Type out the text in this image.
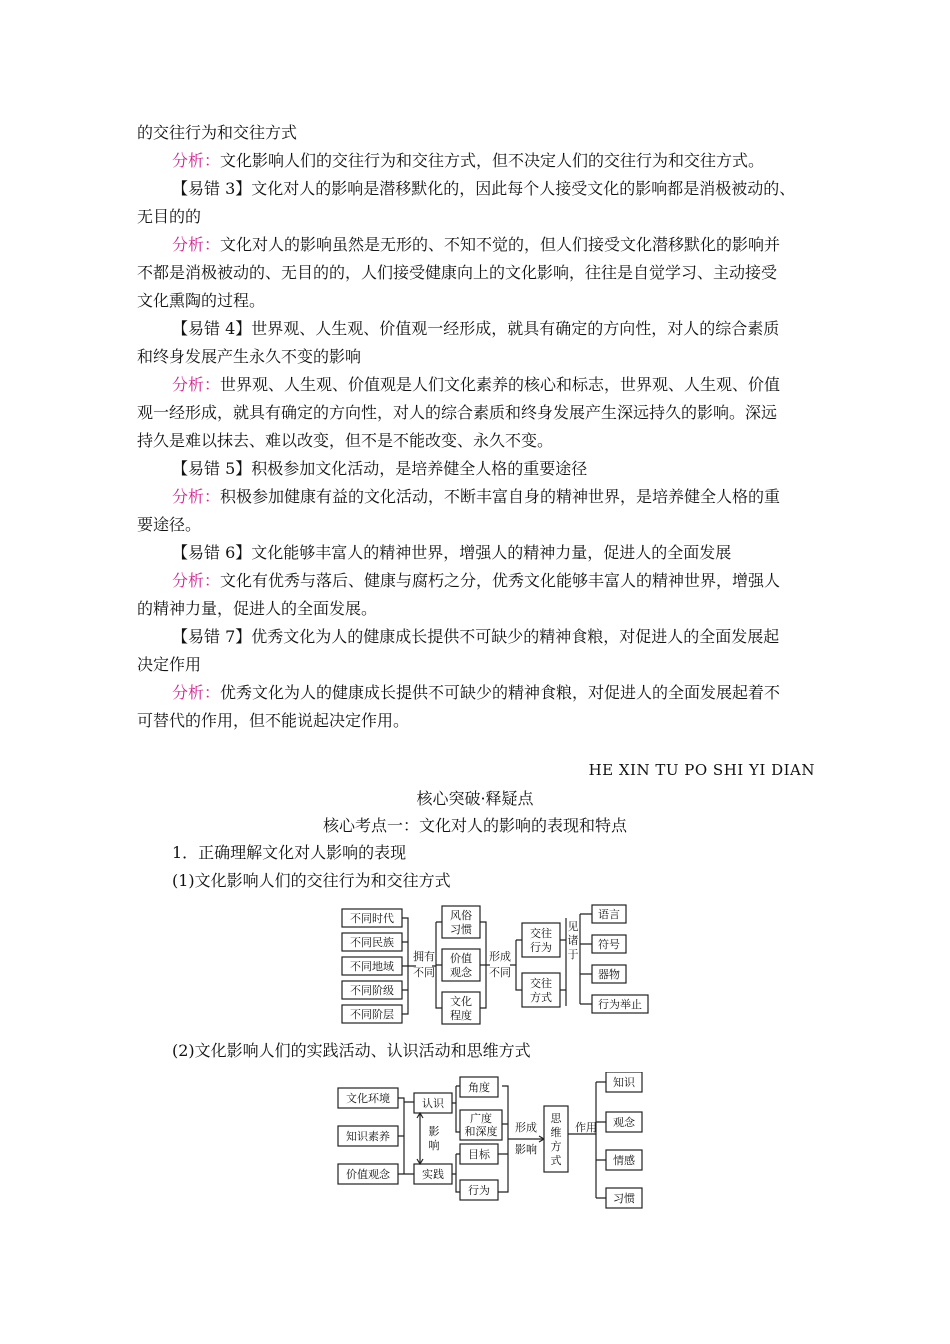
的交往行为和交往方式
分析：文化影响人们的交往行为和交往方式，但不决定人们的交往行为和交往方式。
【易错 3】文化对人的影响是潜移默化的，因此每个人接受文化的影响都是消极被动的、
无目的的
分析：文化对人的影响虽然是无形的、不知不觉的，但人们接受文化潜移默化的影响并
不都是消极被动的、无目的的，人们接受健康向上的文化影响，往往是自觉学习、主动接受
文化熏陶的过程。
【易错 4】世界观、人生观、价值观一经形成，就具有确定的方向性，对人的综合素质
和终身发展产生永久不变的影响
分析：世界观、人生观、价值观是人们文化素养的核心和标志，世界观、人生观、价值
观一经形成，就具有确定的方向性，对人的综合素质和终身发展产生深远持久的影响。深远
持久是难以抹去、难以改变，但不是不能改变、永久不变。
【易错 5】积极参加文化活动，是培养健全人格的重要途径
分析：积极参加健康有益的文化活动，不断丰富自身的精神世界，是培养健全人格的重
要途径。
【易错 6】文化能够丰富人的精神世界，增强人的精神力量，促进人的全面发展
分析：文化有优秀与落后、健康与腐朽之分，优秀文化能够丰富人的精神世界，增强人
的精神力量，促进人的全面发展。
【易错 7】优秀文化为人的健康成长提供不可缺少的精神食粮，对促进人的全面发展起
决定作用
分析：优秀文化为人的健康成长提供不可缺少的精神食粮，对促进人的全面发展起着不
可替代的作用，但不能说起决定作用。
HE XIN TU PO SHI YI DIAN
核心突破·释疑点
核心考点一：文化对人的影响的表现和特点
1．正确理解文化对人影响的表现
(1)文化影响人们的交往行为和交往方式
不同时代
不同民族
不同地域
不同阶级
不同阶层
拥有
不同
风俗
习惯
价值
观念
文化
程度
形成
不同
交往
行为
交往
方式
见
诸
于
语言
符号
器物
行为举止
(2)文化影响人们的实践活动、认识活动和思维方式
文化环境
知识素养
价值观念
认识
实践
影
响
角度
广度
和深度
目标
行为
形成
影响
思
维
方
式
作用
知识
观念
情感
习惯
